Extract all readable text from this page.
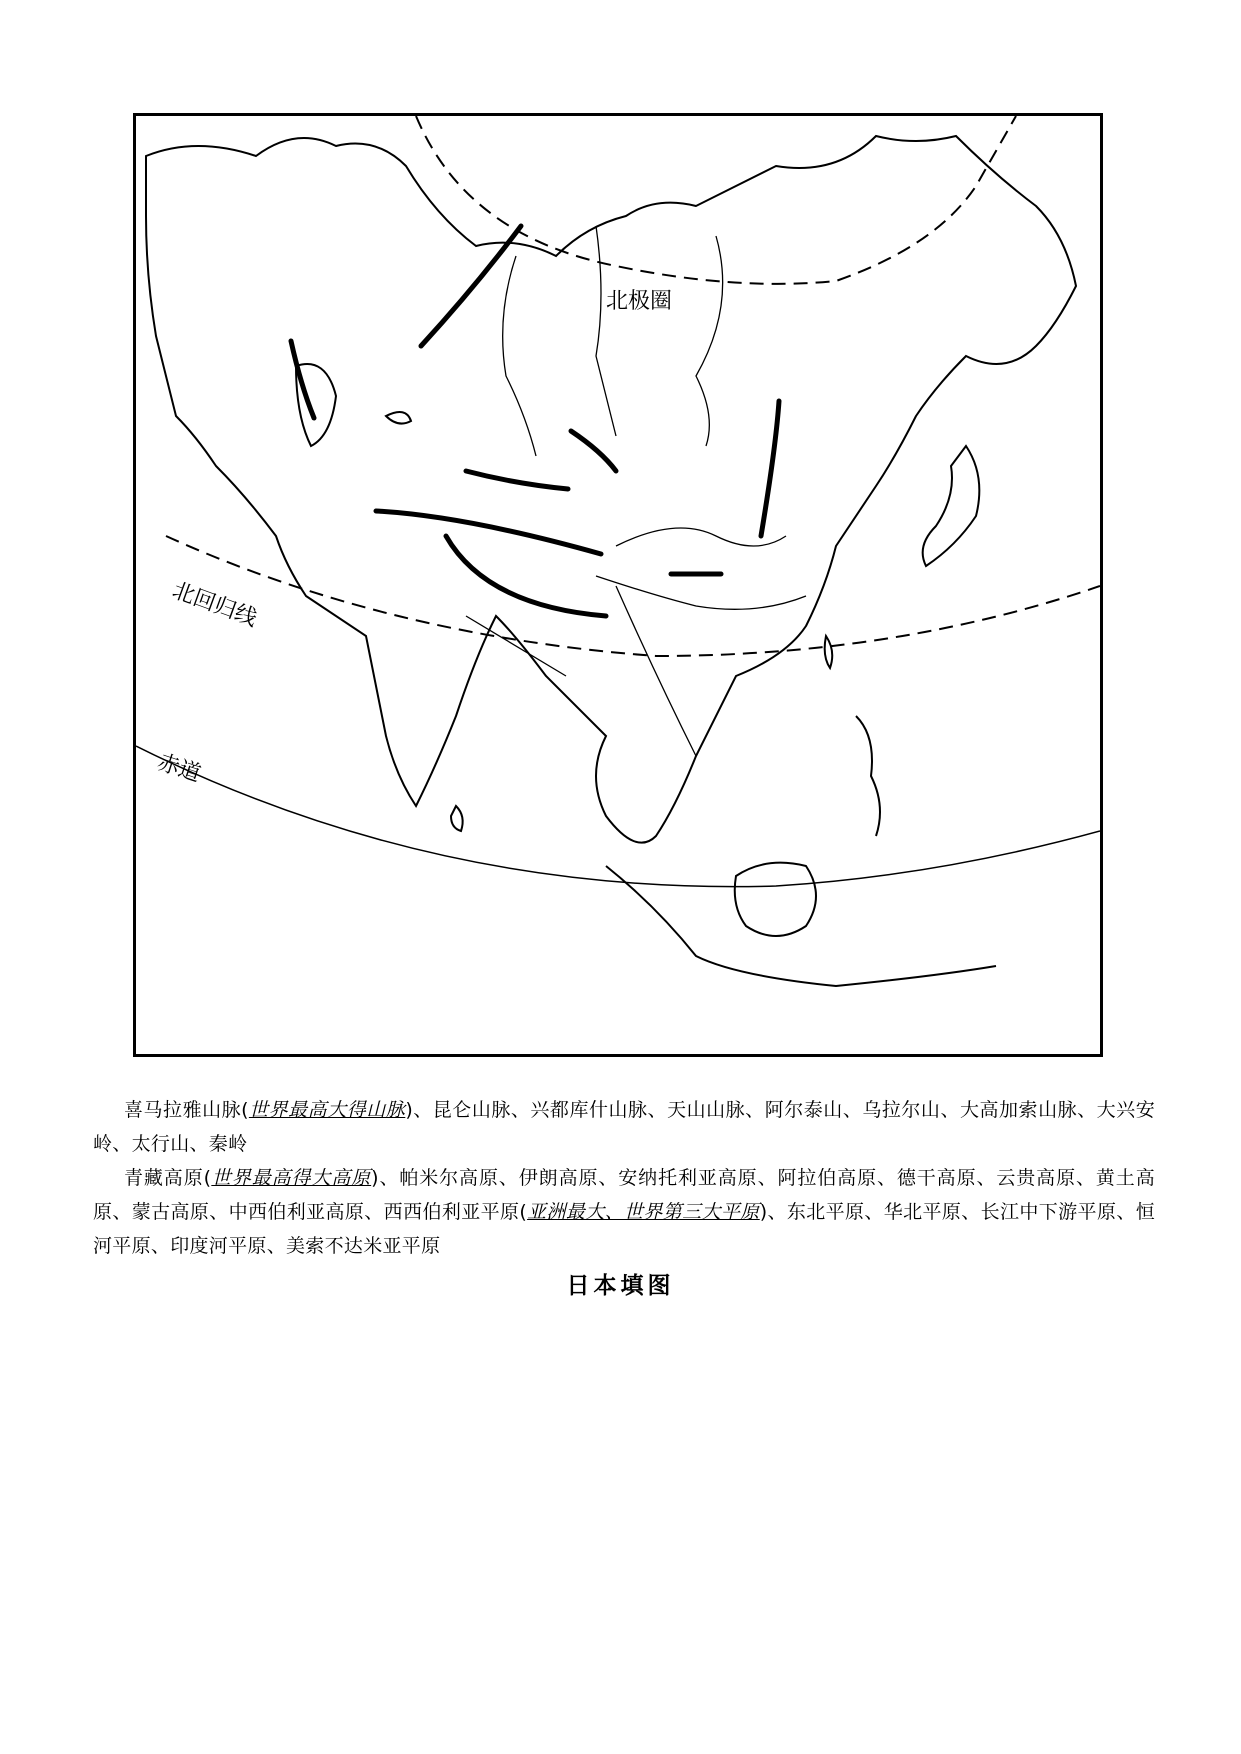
北极圈
北回归线
赤道

喜马拉雅山脉(世界最高大得山脉)、昆仑山脉、兴都库什山脉、天山山脉、阿尔泰山、乌拉尔山、大高加索山脉、大兴安岭、太行山、秦岭

青藏高原(世界最高得大高原)、帕米尔高原、伊朗高原、安纳托利亚高原、阿拉伯高原、德干高原、云贵高原、黄土高原、蒙古高原、中西伯利亚高原、西西伯利亚平原(亚洲最大、世界第三大平原)、东北平原、华北平原、长江中下游平原、恒河平原、印度河平原、美索不达米亚平原

日本填图
